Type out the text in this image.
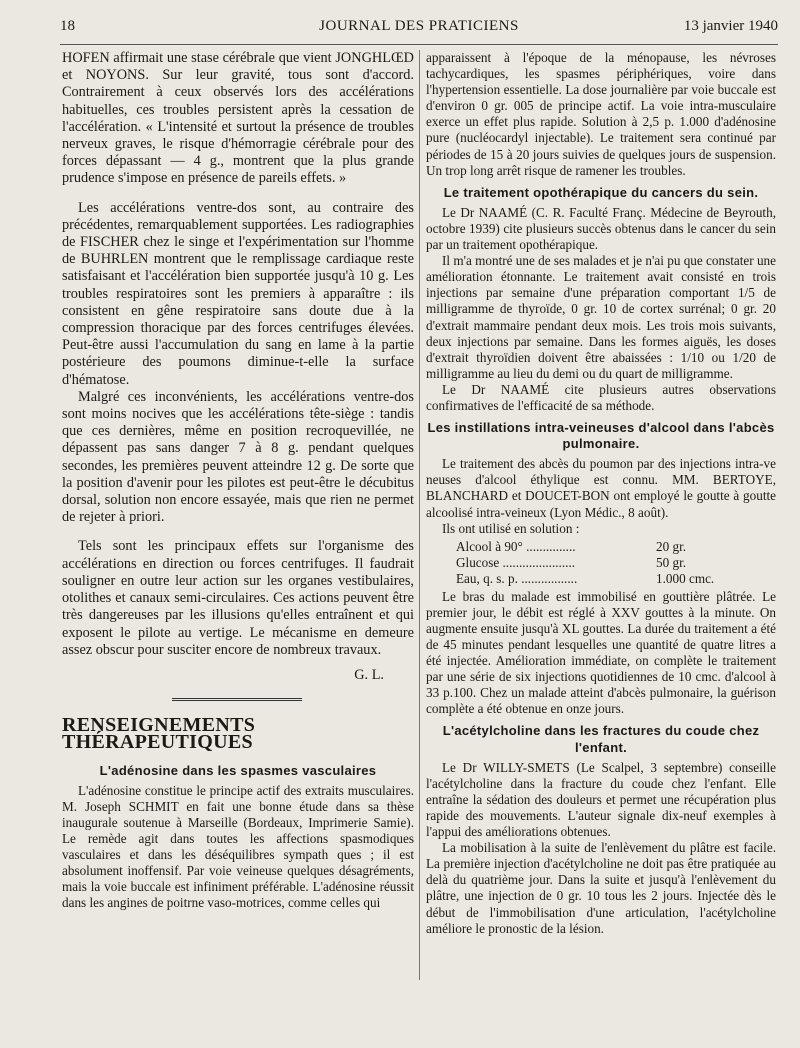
18	JOURNAL DES PRATICIENS	13 janvier 1940

HOFEN affirmait une stase cérébrale que vient JONGHLŒD et NOYONS. Sur leur gravité, tous sont d'accord. Contrairement à ceux observés lors des accélérations habituelles, ces troubles persistent après la cessation de l'accélération. « L'intensité et surtout la présence de troubles nerveux graves, le risque d'hémorragie cérébrale pour des forces dépassant — 4 g., montrent que la plus grande prudence s'impose en présence de pareils effets. »

Les accélérations ventre-dos sont, au contraire des précédentes, remarquablement supportées. Les radiographies de FISCHER chez le singe et l'expérimentation sur l'homme de BUHRLEN montrent que le remplissage cardiaque reste satisfaisant et l'accélération bien supportée jusqu'à 10 g. Les troubles respiratoires sont les premiers à apparaître : ils consistent en gêne respiratoire sans doute due à la compression thoracique par des forces centrifuges élevées. Peut-être aussi l'accumulation du sang en lame à la partie postérieure des poumons diminue-t-elle la surface d'hématose.

Malgré ces inconvénients, les accélérations ventre-dos sont moins nocives que les accélérations tête-siège : tandis que ces dernières, même en position recroquevillée, ne dépassent pas sans danger 7 à 8 g. pendant quelques secondes, les premières peuvent atteindre 12 g. De sorte que la position d'avenir pour les pilotes est peut-être le décubitus dorsal, solution non encore essayée, mais que rien ne permet de rejeter à priori.

Tels sont les principaux effets sur l'organisme des accélérations en direction ou forces centrifuges. Il faudrait souligner en outre leur action sur les organes vestibulaires, otolithes et canaux semi-circulaires. Ces actions peuvent être très dangereuses par les illusions qu'elles entraînent et qui exposent le pilote au vertige. Le mécanisme en demeure assez obscur pour susciter encore de nombreux travaux.

G. L.
RENSEIGNEMENTS THÉRAPEUTIQUES
L'adénosine dans les spasmes vasculaires

L'adénosine constitue le principe actif des extraits musculaires. M. Joseph SCHMIT en fait une bonne étude dans sa thèse inaugurale soutenue à Marseille (Bordeaux, Imprimerie Samie). Le remède agit dans toutes les affections spasmodiques vasculaires et dans les déséquilibres sympath ques ; il est absolument inoffensif. Par voie veineuse quelques désagréments, mais la voie buccale est infiniment préférable. L'adénosine réussit dans les angines de poitrne vaso-motrices, comme celles qui

apparaissent à l'époque de la ménopause, les névroses tachycardiques, les spasmes périphériques, voire dans l'hypertension essentielle. La dose journalière par voie buccale est d'environ 0 gr. 005 de principe actif. La voie intra-musculaire exerce un effet plus rapide. Solution à 2,5 p. 1.000 d'adénosine pure (nucléocardyl injectable). Le traitement sera continué par périodes de 15 à 20 jours suivies de quelques jours de suspension. Un trop long arrêt risque de ramener les troubles.

Le traitement opothérapique du cancers du sein.

Le Dr NAAMÉ (C. R. Faculté Franç. Médecine de Beyrouth, octobre 1939) cite plusieurs succès obtenus dans le cancer du sein par un traitement opothérapique.

Il m'a montré une de ses malades et je n'ai pu que constater une amélioration étonnante. Le traitement avait consisté en trois injections par semaine d'une préparation comportant 1/5 de milligramme de thyroïde, 0 gr. 10 de cortex surrénal; 0 gr. 20 d'extrait mammaire pendant deux mois. Les trois mois suivants, deux injections par semaine. Dans les formes aiguës, les doses d'extrait thyroïdien doivent être abaissées : 1/10 ou 1/20 de milligramme au lieu du demi ou du quart de milligramme.

Le Dr NAAMÉ cite plusieurs autres observations confirmatives de l'efficacité de sa méthode.

Les instillations intra-veineuses d'alcool dans l'abcès pulmonaire.

Le traitement des abcès du poumon par des injections intra-ve neuses d'alcool éthylique est connu. MM. BERTOYE, BLANCHARD et DOUCET-BON ont employé le goutte à goutte alcoolisé intra-veineux (Lyon Médic., 8 août).

Ils ont utilisé en solution :

Alcool à 90° ...............	20 gr.
Glucose ......................	50 gr.
Eau, q. s. p. .................	1.000 cmc.

Le bras du malade est immobilisé en gouttière plâtrée. Le premier jour, le débit est réglé à XXV gouttes à la minute. On augmente ensuite jusqu'à XL gouttes. La durée du traitement a été de 45 minutes pendant lesquelles une quantité de quatre litres a été injectée. Amélioration immédiate, on complète le traitement par une série de six injections quotidiennes de 10 cmc. d'alcool à 33 p.100. Chez un malade atteint d'abcès pulmonaire, la guérison complète a été obtenue en onze jours.

L'acétylcholine dans les fractures du coude chez l'enfant.

Le Dr WILLY-SMETS (Le Scalpel, 3 septembre) conseille l'acétylcholine dans la fracture du coude chez l'enfant. Elle entraîne la sédation des douleurs et permet une récupération plus rapide des mouvements. L'auteur signale dix-neuf exemples à l'appui des améliorations obtenues.

La mobilisation à la suite de l'enlèvement du plâtre est facile. La première injection d'acétylcholine ne doit pas être pratiquée au delà du quatrième jour. Dans la suite et jusqu'à l'enlèvement du plâtre, une injection de 0 gr. 10 tous les 2 jours. Injectée dès le début de l'immobilisation d'une articulation, l'acétylcholine améliore le pronostic de la lésion.
